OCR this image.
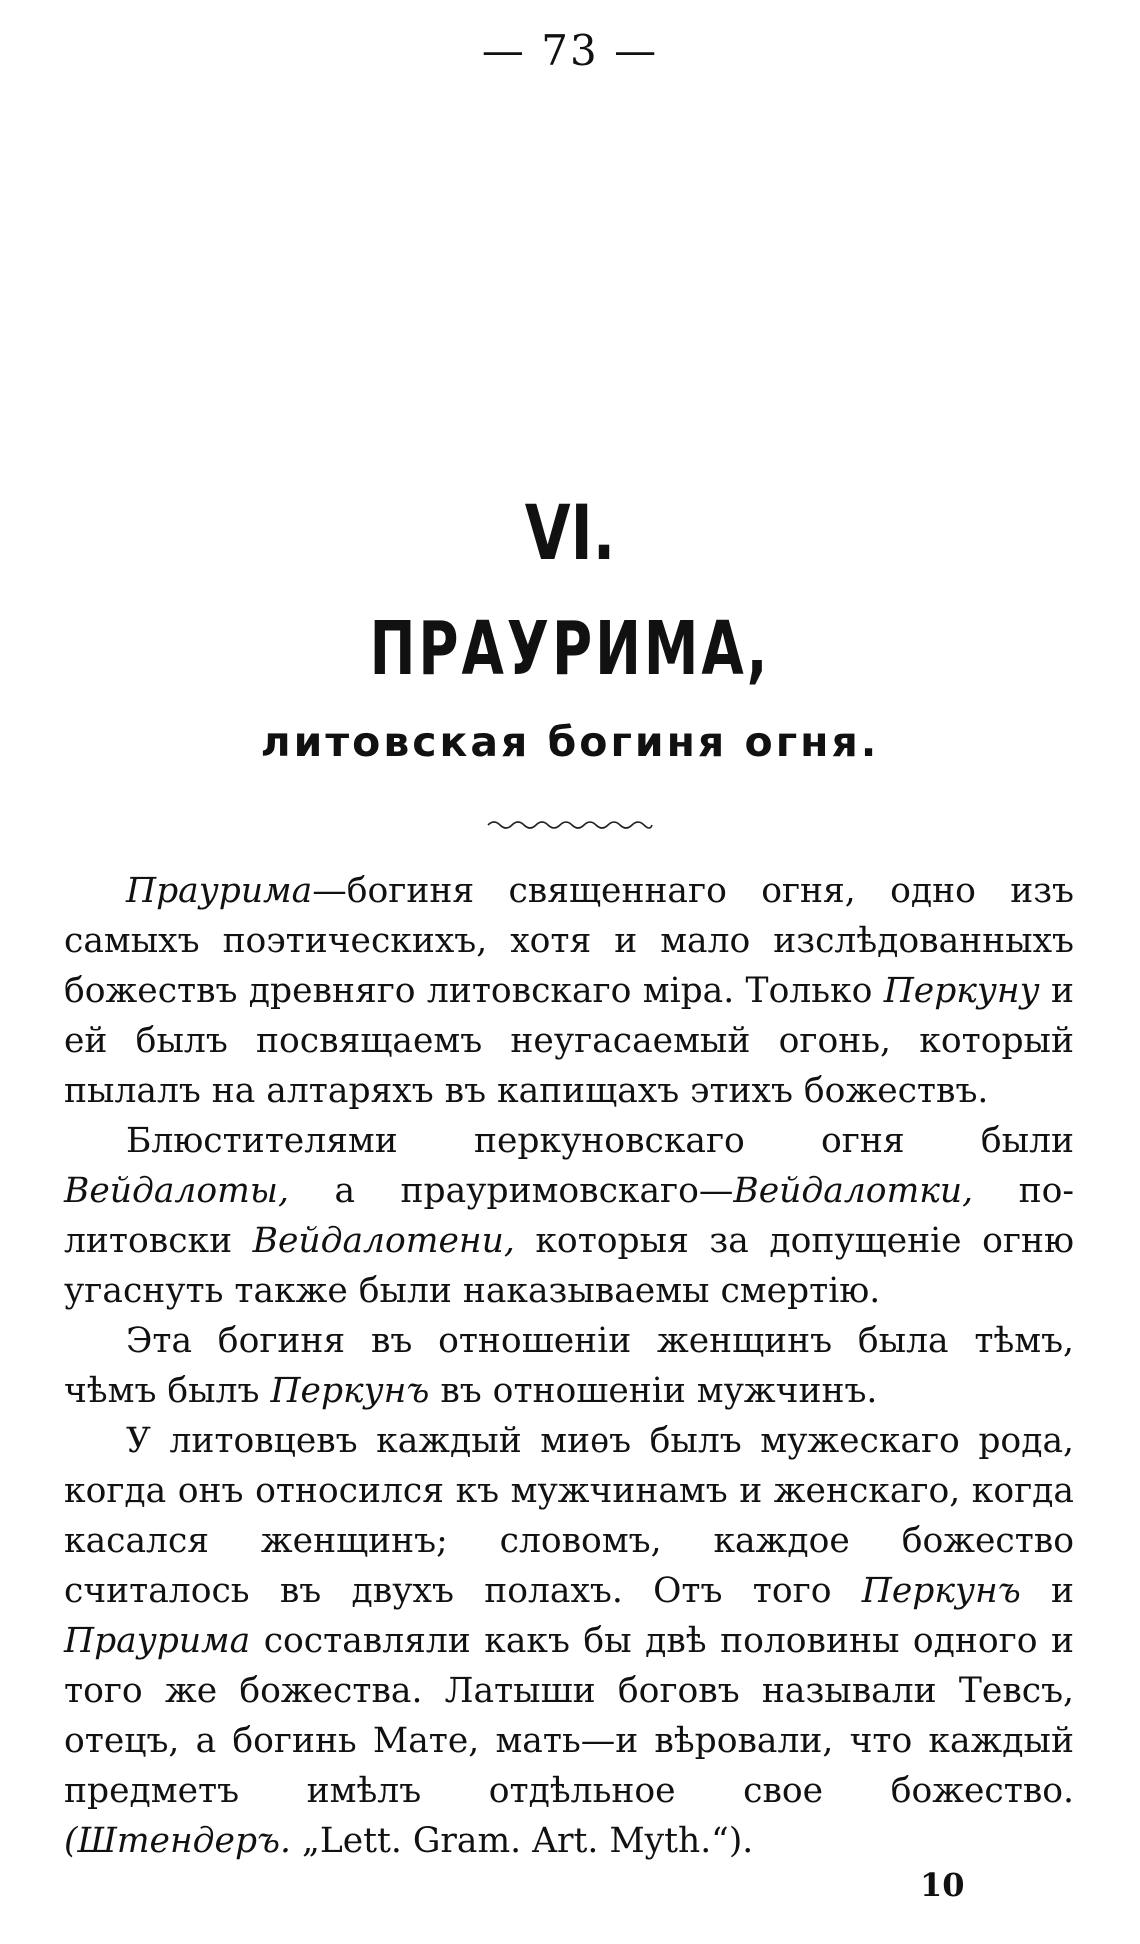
— 73 —
VI.
ПРАУРИМА,
литовская богиня огня.

Праурима—богиня священнаго огня, одно изъ самыхъ поэтическихъ, хотя и мало изслѣдованныхъ божествъ древняго литовскаго міра. Только Перкуну и ей былъ посвящаемъ неугасаемый огонь, который пылалъ на алтаряхъ въ капищахъ этихъ божествъ.

Блюстителями перкуновскаго огня были Вейдалоты, а прауримовскаго—Вейдалотки, по-литовски Вейдалотени, которыя за допущеніе огню угаснуть также были наказываемы смертію.

Эта богиня въ отношеніи женщинъ была тѣмъ, чѣмъ былъ Перкунъ въ отношеніи мужчинъ.

У литовцевъ каждый миѳъ былъ мужескаго рода, когда онъ относился къ мужчинамъ и женскаго, когда касался женщинъ; словомъ, каждое божество считалось въ двухъ полахъ. Отъ того Перкунъ и Праурима составляли какъ бы двѣ половины одного и того же божества. Латыши боговъ называли Тевсъ, отецъ, а богинь Мате, мать—и вѣровали, что каждый предметъ имѣлъ отдѣльное свое божество. (Штендеръ. „Lett. Gram. Art. Myth.“).

10
